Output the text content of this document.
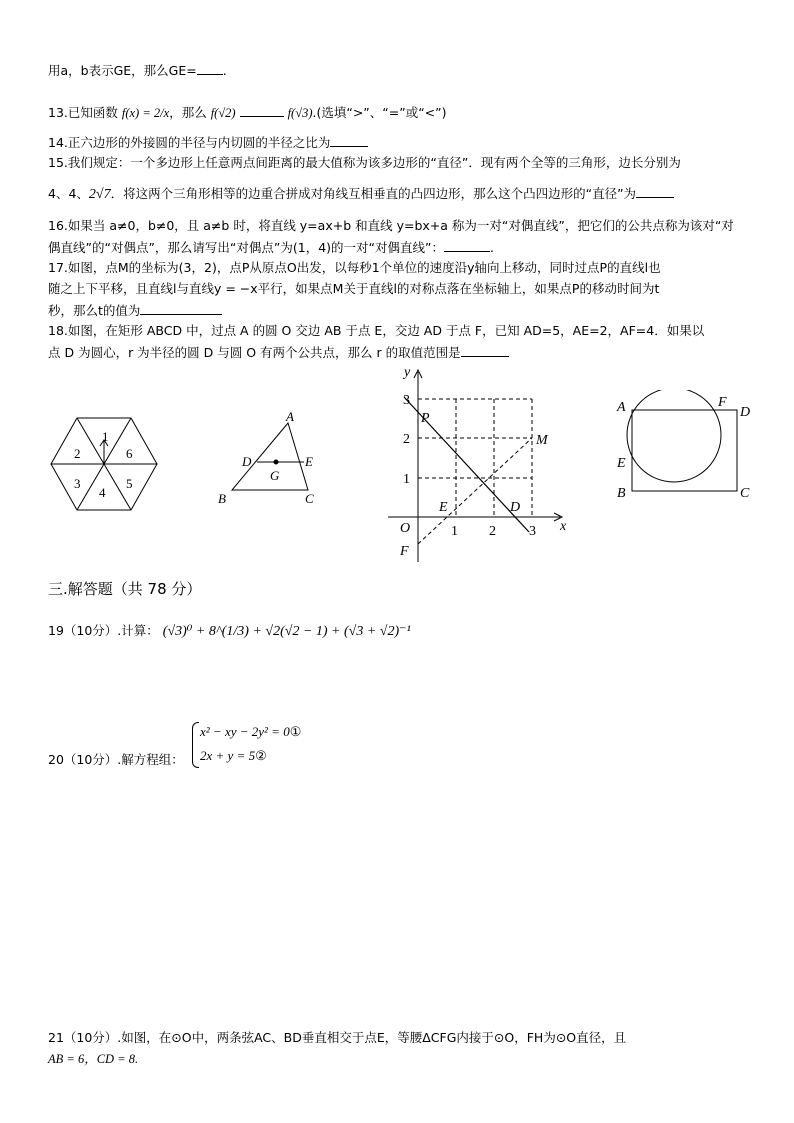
用a，b表示GE，那么GE= .
13.已知函数 f(x) = 2/x，那么 f(√2)	f(√3).(选填“>”、“=”或“<”)
14.正六边形的外接圆的半径与内切圆的半径之比为
15.我们规定：一个多边形上任意两点间距离的最大值称为该多边形的“直径”．现有两个全等的三角形，边长分别为
4、4、2√7．将这两个三角形相等的边重合拼成对角线互相垂直的凸四边形，那么这个凸四边形的“直径”为
16.如果当 a≠0，b≠0，且 a≠b 时，将直线 y=ax+b 和直线 y=bx+a 称为一对“对偶直线”，把它们的公共点称为该对“对
偶直线”的“对偶点”，那么请写出“对偶点”为(1，4)的一对“对偶直线”：	.
17.如图，点M的坐标为(3，2)，点P从原点O出发，以每秒1个单位的速度沿y轴向上移动，同时过点P的直线l也
随之上下平移，且直线l与直线y = −x平行，如果点M关于直线l的对称点落在坐标轴上，如果点P的移动时间为t
秒，那么t的值为
18.如图，在矩形 ABCD 中，过点 A 的圆 O 交边 AB 于点 E，交边 AD 于点 F，已知 AD=5，AE=2，AF=4．如果以
点 D 为圆心，r 为半径的圆 D 与圆 O 有两个公共点，那么 r 的取值范围是
1
2	6
3
4
5
A
B	C
D	E
G
y
x
O
P
M
E	D
F
1 2 3
1
2
3	A	F
D
E
B	C
三.解答题（共 78 分）
19（10分）.计算： (√3)⁰ + 8^(1/3) + √2(√2 − 1) + (√3 + √2)⁻¹
20（10分）.解方程组：
x² − xy − 2y² = 0①
2x + y = 5②
21（10分）.如图，在⊙O中，两条弦AC、BD垂直相交于点E，等腰ΔCFG内接于⊙O，FH为⊙O直径，且
AB = 6，CD = 8.
